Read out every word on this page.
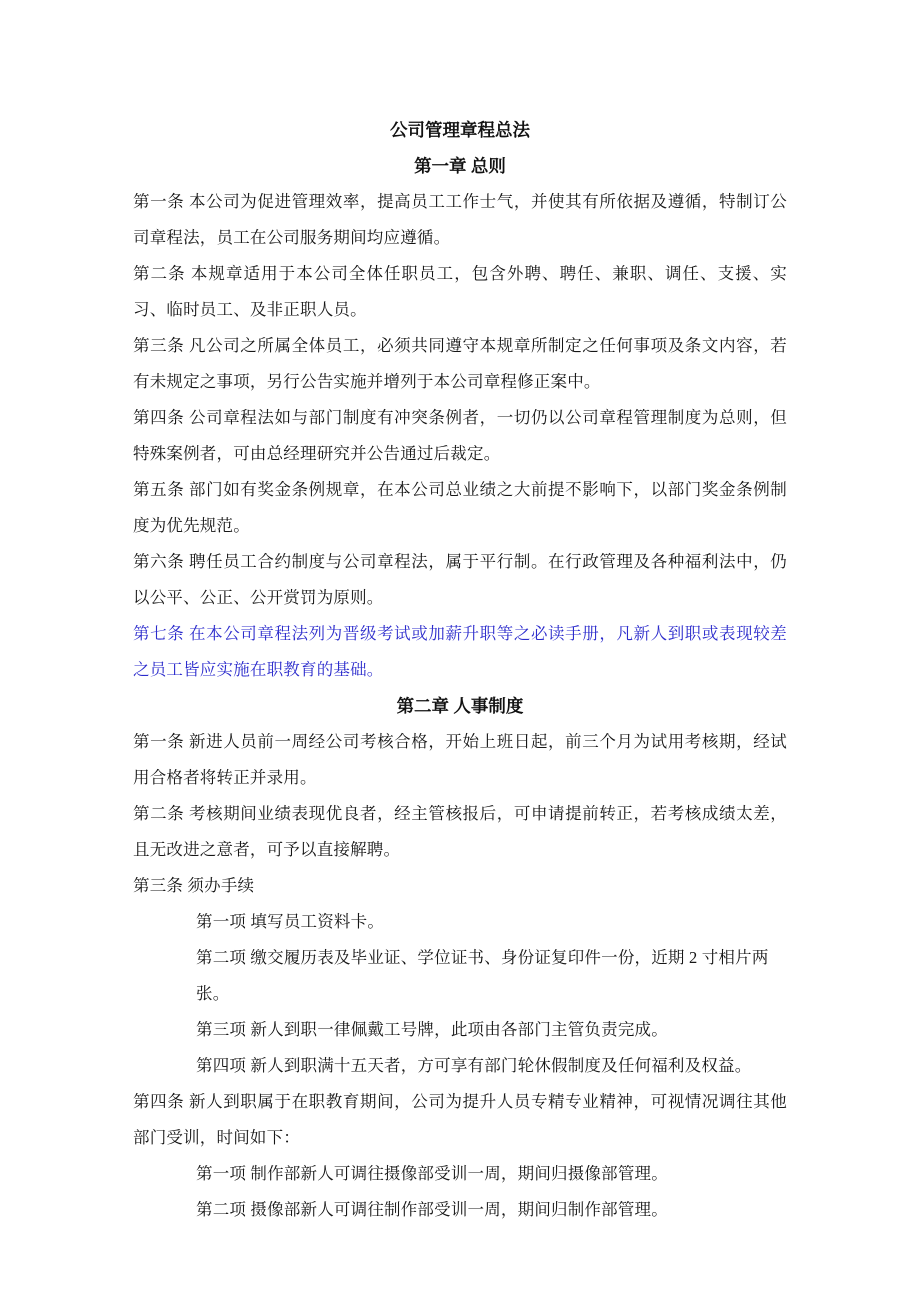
公司管理章程总法
第一章 总则

第一条 本公司为促进管理效率，提高员工工作士气，并使其有所依据及遵循，特制订公司章程法，员工在公司服务期间均应遵循。

第二条 本规章适用于本公司全体任职员工，包含外聘、聘任、兼职、调任、支援、实习、临时员工、及非正职人员。

第三条 凡公司之所属全体员工，必须共同遵守本规章所制定之任何事项及条文内容，若有未规定之事项，另行公告实施并增列于本公司章程修正案中。

第四条 公司章程法如与部门制度有冲突条例者，一切仍以公司章程管理制度为总则，但特殊案例者，可由总经理研究并公告通过后裁定。

第五条 部门如有奖金条例规章，在本公司总业绩之大前提不影响下，以部门奖金条例制度为优先规范。

第六条 聘任员工合约制度与公司章程法，属于平行制。在行政管理及各种福利法中，仍以公平、公正、公开赏罚为原则。

第七条 在本公司章程法列为晋级考试或加薪升职等之必读手册，凡新人到职或表现较差之员工皆应实施在职教育的基础。

第二章 人事制度

第一条 新进人员前一周经公司考核合格，开始上班日起，前三个月为试用考核期，经试用合格者将转正并录用。

第二条 考核期间业绩表现优良者，经主管核报后，可申请提前转正，若考核成绩太差，且无改进之意者，可予以直接解聘。

第三条 须办手续

第一项 填写员工资料卡。

第二项 缴交履历表及毕业证、学位证书、身份证复印件一份，近期 2 寸相片两张。

第三项 新人到职一律佩戴工号牌，此项由各部门主管负责完成。

第四项 新人到职满十五天者，方可享有部门轮休假制度及任何福利及权益。

第四条 新人到职属于在职教育期间，公司为提升人员专精专业精神，可视情况调往其他部门受训，时间如下：

第一项 制作部新人可调往摄像部受训一周，期间归摄像部管理。

第二项 摄像部新人可调往制作部受训一周，期间归制作部管理。
